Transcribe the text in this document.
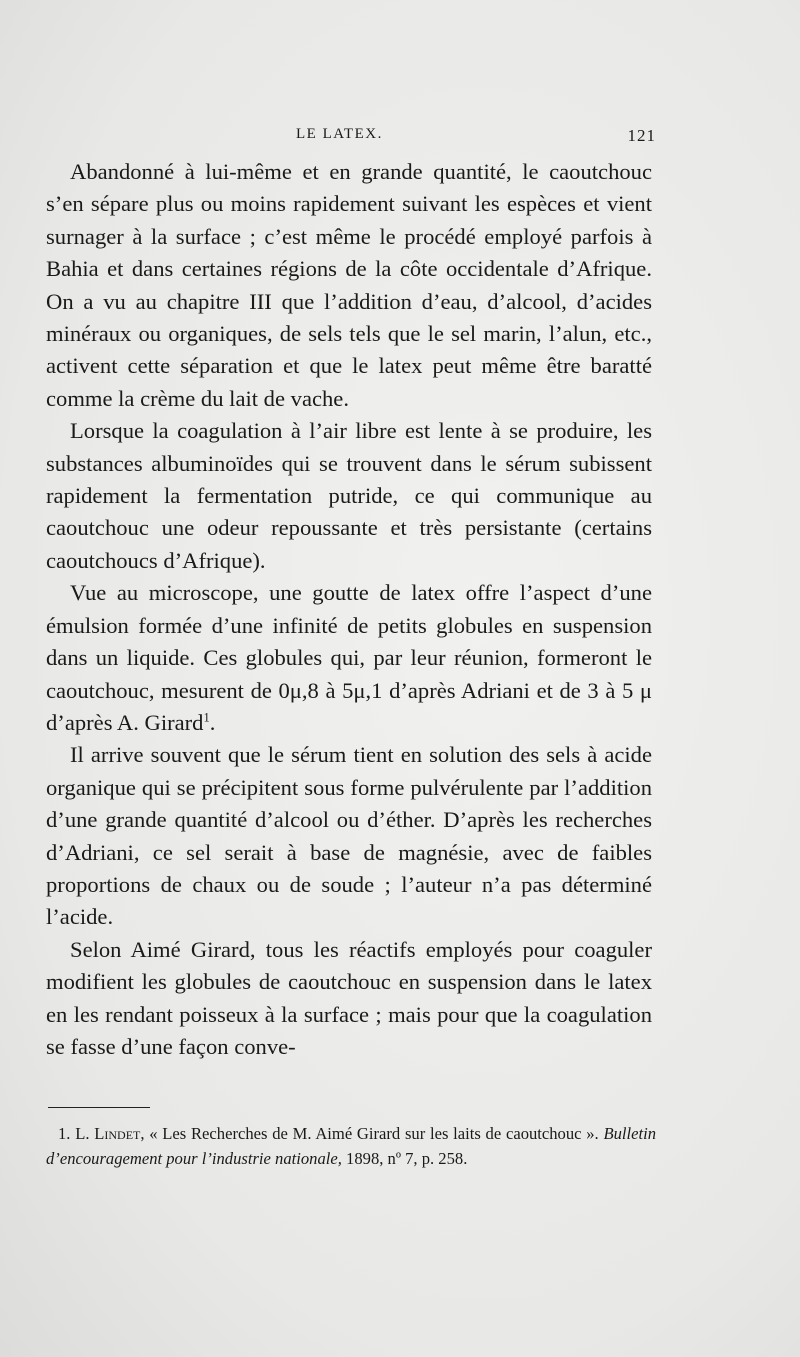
LE LATEX.	121

Abandonné à lui-même et en grande quantité, le caoutchouc s’en sépare plus ou moins rapidement suivant les espèces et vient surnager à la surface ; c’est même le procédé employé parfois à Bahia et dans certaines régions de la côte occidentale d’Afrique. On a vu au chapitre III que l’addition d’eau, d’alcool, d’acides minéraux ou organiques, de sels tels que le sel marin, l’alun, etc., activent cette séparation et que le latex peut même être baratté comme la crème du lait de vache.

Lorsque la coagulation à l’air libre est lente à se produire, les substances albuminoïdes qui se trouvent dans le sérum subissent rapidement la fermentation putride, ce qui communique au caoutchouc une odeur repoussante et très persistante (certains caoutchoucs d’Afrique).

Vue au microscope, une goutte de latex offre l’aspect d’une émulsion formée d’une infinité de petits globules en suspension dans un liquide. Ces globules qui, par leur réunion, formeront le caoutchouc, mesurent de 0μ,8 à 5μ,1 d’après Adriani et de 3 à 5 μ d’après A. Girard$^1$.

Il arrive souvent que le sérum tient en solution des sels à acide organique qui se précipitent sous forme pulvérulente par l’addition d’une grande quantité d’alcool ou d’éther. D’après les recherches d’Adriani, ce sel serait à base de magnésie, avec de faibles proportions de chaux ou de soude ; l’auteur n’a pas déterminé l’acide.

Selon Aimé Girard, tous les réactifs employés pour coaguler modifient les globules de caoutchouc en suspension dans le latex en les rendant poisseux à la surface ; mais pour que la coagulation se fasse d’une façon conve-

1. L. Lindet, « Les Recherches de M. Aimé Girard sur les laits de caoutchouc ». Bulletin d’encouragement pour l’industrie nationale, 1898, nº 7, p. 258.
